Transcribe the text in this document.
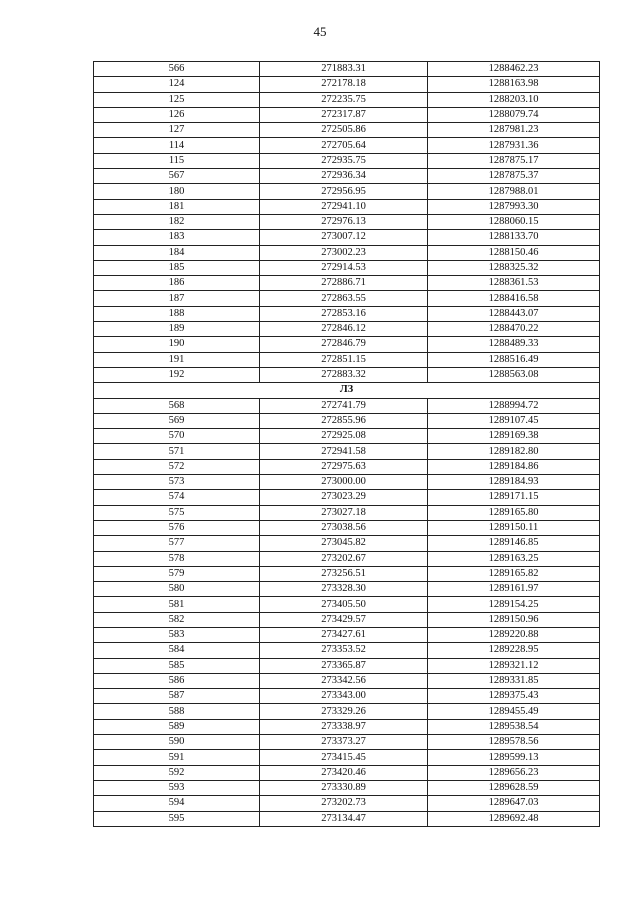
45
566	271883.31	1288462.23
124	272178.18	1288163.98
125	272235.75	1288203.10
126	272317.87	1288079.74
127	272505.86	1287981.23
114	272705.64	1287931.36
115	272935.75	1287875.17
567	272936.34	1287875.37
180	272956.95	1287988.01
181	272941.10	1287993.30
182	272976.13	1288060.15
183	273007.12	1288133.70
184	273002.23	1288150.46
185	272914.53	1288325.32
186	272886.71	1288361.53
187	272863.55	1288416.58
188	272853.16	1288443.07
189	272846.12	1288470.22
190	272846.79	1288489.33
191	272851.15	1288516.49
192	272883.32	1288563.08
ЛЗ		
568	272741.79	1288994.72
569	272855.96	1289107.45
570	272925.08	1289169.38
571	272941.58	1289182.80
572	272975.63	1289184.86
573	273000.00	1289184.93
574	273023.29	1289171.15
575	273027.18	1289165.80
576	273038.56	1289150.11
577	273045.82	1289146.85
578	273202.67	1289163.25
579	273256.51	1289165.82
580	273328.30	1289161.97
581	273405.50	1289154.25
582	273429.57	1289150.96
583	273427.61	1289220.88
584	273353.52	1289228.95
585	273365.87	1289321.12
586	273342.56	1289331.85
587	273343.00	1289375.43
588	273329.26	1289455.49
589	273338.97	1289538.54
590	273373.27	1289578.56
591	273415.45	1289599.13
592	273420.46	1289656.23
593	273330.89	1289628.59
594	273202.73	1289647.03
595	273134.47	1289692.48
